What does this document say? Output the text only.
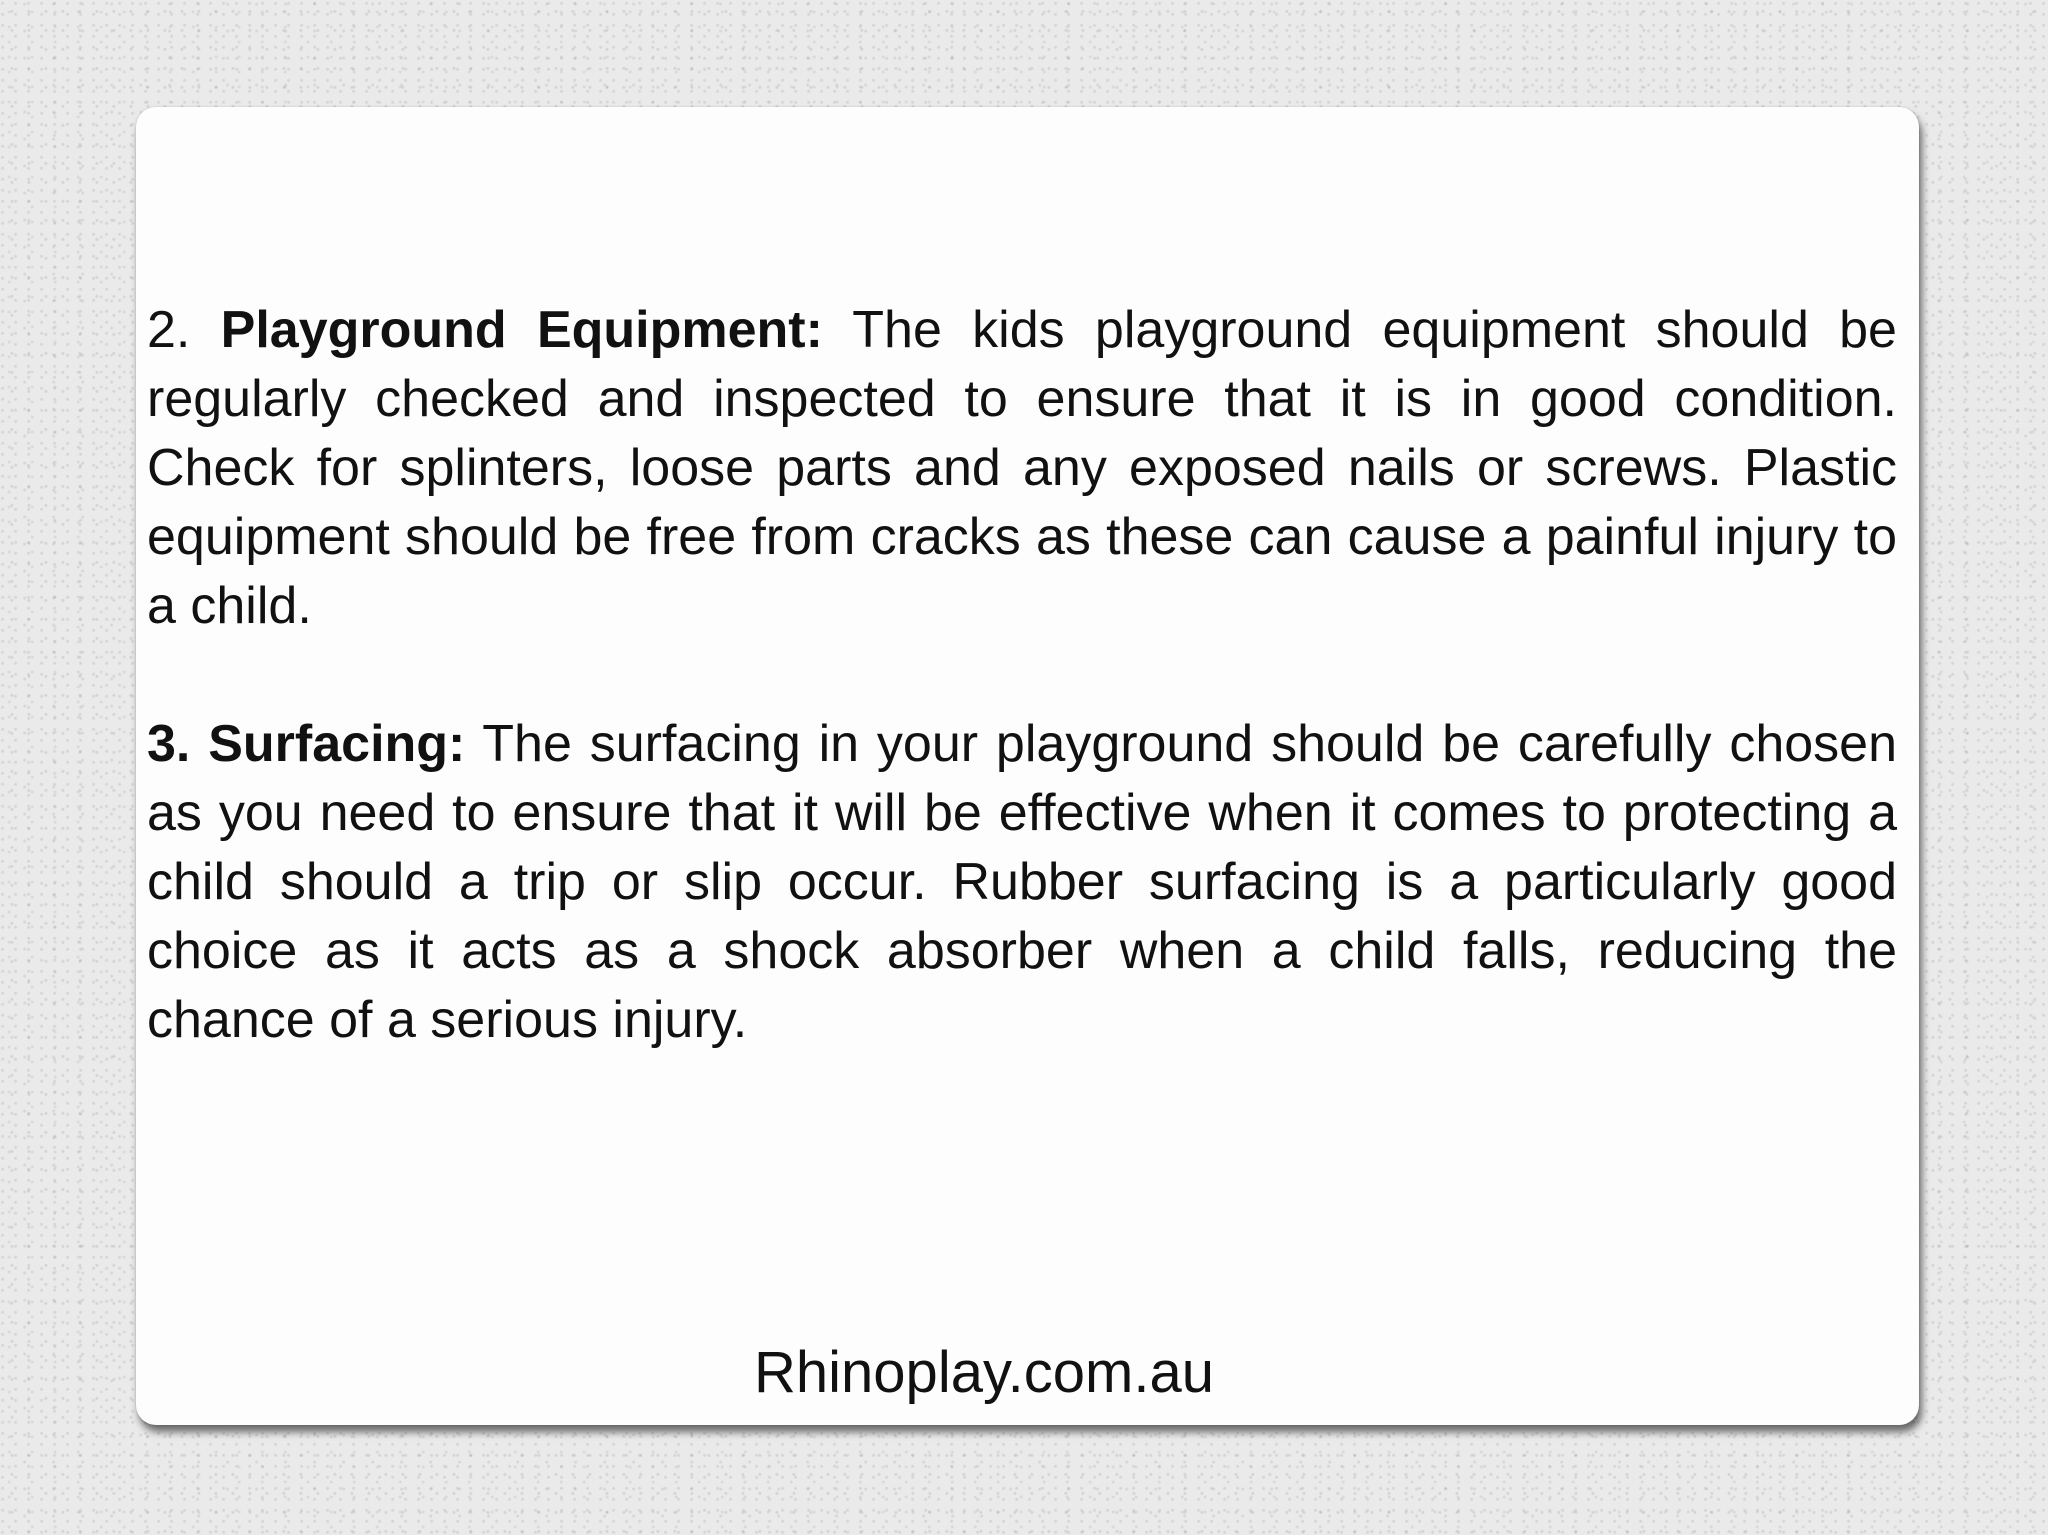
2. Playground Equipment: The kids playground equipment should be regularly checked and inspected to ensure that it is in good condition. Check for splinters, loose parts and any exposed nails or screws. Plastic equipment should be free from cracks as these can cause a painful injury to a child.

3. Surfacing: The surfacing in your playground should be carefully chosen as you need to ensure that it will be effective when it comes to protecting a child should a trip or slip occur. Rubber surfacing is a particularly good choice as it acts as a shock absorber when a child falls, reducing the chance of a serious injury.

Rhinoplay.com.au
